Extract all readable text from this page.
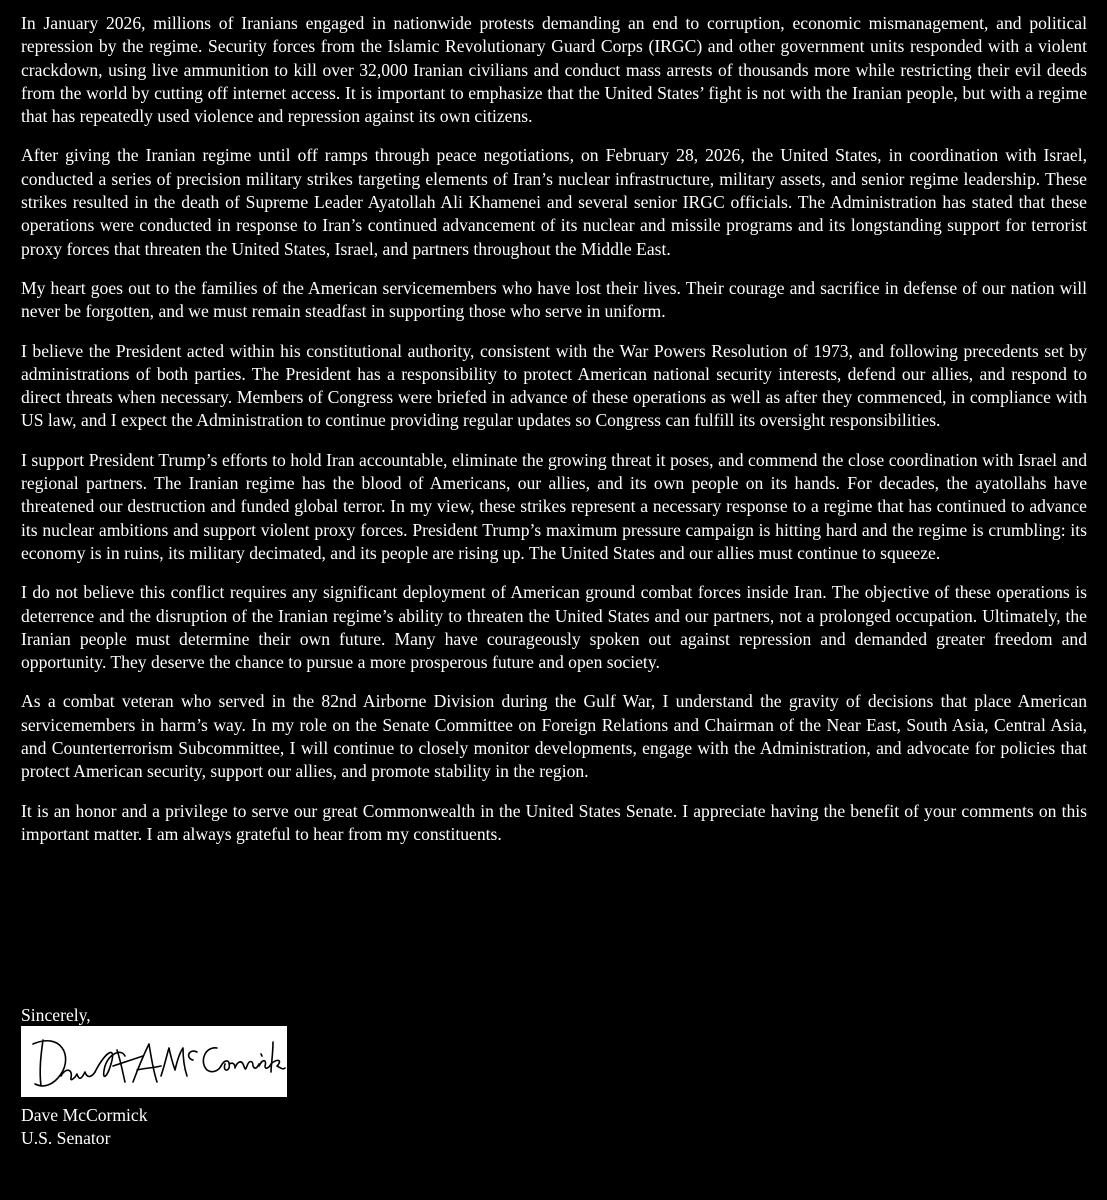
In January 2026, millions of Iranians engaged in nationwide protests demanding an end to corruption, economic mismanagement, and political repression by the regime. Security forces from the Islamic Revolutionary Guard Corps (IRGC) and other government units responded with a violent crackdown, using live ammunition to kill over 32,000 Iranian civilians and conduct mass arrests of thousands more while restricting their evil deeds from the world by cutting off internet access. It is important to emphasize that the United States’ fight is not with the Iranian people, but with a regime that has repeatedly used violence and repression against its own citizens.

After giving the Iranian regime until off ramps through peace negotiations, on February 28, 2026, the United States, in coordination with Israel, conducted a series of precision military strikes targeting elements of Iran’s nuclear infrastructure, military assets, and senior regime leadership. These strikes resulted in the death of Supreme Leader Ayatollah Ali Khamenei and several senior IRGC officials. The Administration has stated that these operations were conducted in response to Iran’s continued advancement of its nuclear and missile programs and its longstanding support for terrorist proxy forces that threaten the United States, Israel, and partners throughout the Middle East.

My heart goes out to the families of the American servicemembers who have lost their lives. Their courage and sacrifice in defense of our nation will never be forgotten, and we must remain steadfast in supporting those who serve in uniform.

I believe the President acted within his constitutional authority, consistent with the War Powers Resolution of 1973, and following precedents set by administrations of both parties. The President has a responsibility to protect American national security interests, defend our allies, and respond to direct threats when necessary. Members of Congress were briefed in advance of these operations as well as after they commenced, in compliance with US law, and I expect the Administration to continue providing regular updates so Congress can fulfill its oversight responsibilities.

I support President Trump’s efforts to hold Iran accountable, eliminate the growing threat it poses, and commend the close coordination with Israel and regional partners. The Iranian regime has the blood of Americans, our allies, and its own people on its hands. For decades, the ayatollahs have threatened our destruction and funded global terror. In my view, these strikes represent a necessary response to a regime that has continued to advance its nuclear ambitions and support violent proxy forces. President Trump’s maximum pressure campaign is hitting hard and the regime is crumbling: its economy is in ruins, its military decimated, and its people are rising up. The United States and our allies must continue to squeeze.

I do not believe this conflict requires any significant deployment of American ground combat forces inside Iran. The objective of these operations is deterrence and the disruption of the Iranian regime’s ability to threaten the United States and our partners, not a prolonged occupation. Ultimately, the Iranian people must determine their own future. Many have courageously spoken out against repression and demanded greater freedom and opportunity. They deserve the chance to pursue a more prosperous future and open society.

As a combat veteran who served in the 82nd Airborne Division during the Gulf War, I understand the gravity of decisions that place American servicemembers in harm’s way. In my role on the Senate Committee on Foreign Relations and Chairman of the Near East, South Asia, Central Asia, and Counterterrorism Subcommittee, I will continue to closely monitor developments, engage with the Administration, and advocate for policies that protect American security, support our allies, and promote stability in the region.

It is an honor and a privilege to serve our great Commonwealth in the United States Senate. I appreciate having the benefit of your comments on this important matter. I am always grateful to hear from my constituents.

Sincerely,
Dave McCormick
U.S. Senator
